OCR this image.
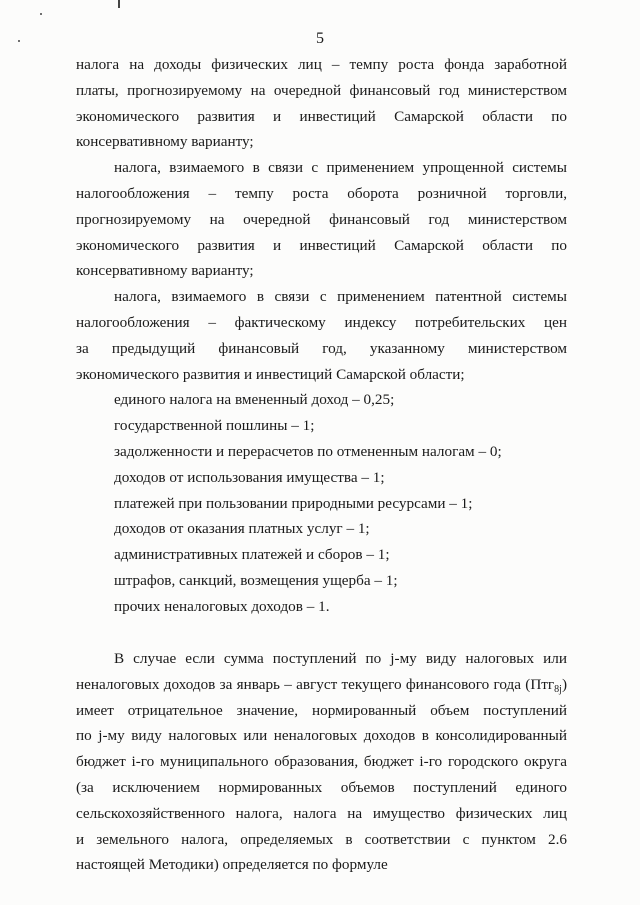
5
налога на доходы физических лиц – темпу роста фонда заработной
платы, прогнозируемому на очередной финансовый год министерством
экономического развития и инвестиций Самарской области по
консервативному варианту;
налога, взимаемого в связи с применением упрощенной системы
налогообложения – темпу роста оборота розничной торговли,
прогнозируемому на очередной финансовый год министерством
экономического развития и инвестиций Самарской области по
консервативному варианту;
налога, взимаемого в связи с применением патентной системы
налогообложения – фактическому индексу потребительских цен
за предыдущий финансовый год, указанному министерством
экономического развития и инвестиций Самарской области;
единого налога на вмененный доход – 0,25;
государственной пошлины – 1;
задолженности и перерасчетов по отмененным налогам – 0;
доходов от использования имущества – 1;
платежей при пользовании природными ресурсами – 1;
доходов от оказания платных услуг – 1;
административных платежей и сборов – 1;
штрафов, санкций, возмещения ущерба – 1;
прочих неналоговых доходов – 1.
В случае если сумма поступлений по j-му виду налоговых или
неналоговых доходов за январь – август текущего финансового года (Птг$_{8j}$)
имеет отрицательное значение, нормированный объем поступлений
по j-му виду налоговых или неналоговых доходов в консолидированный
бюджет i-го муниципального образования, бюджет i-го городского округа
(за исключением нормированных объемов поступлений единого
сельскохозяйственного налога, налога на имущество физических лиц
и земельного налога, определяемых в соответствии с пунктом 2.6
настоящей Методики) определяется по формуле
